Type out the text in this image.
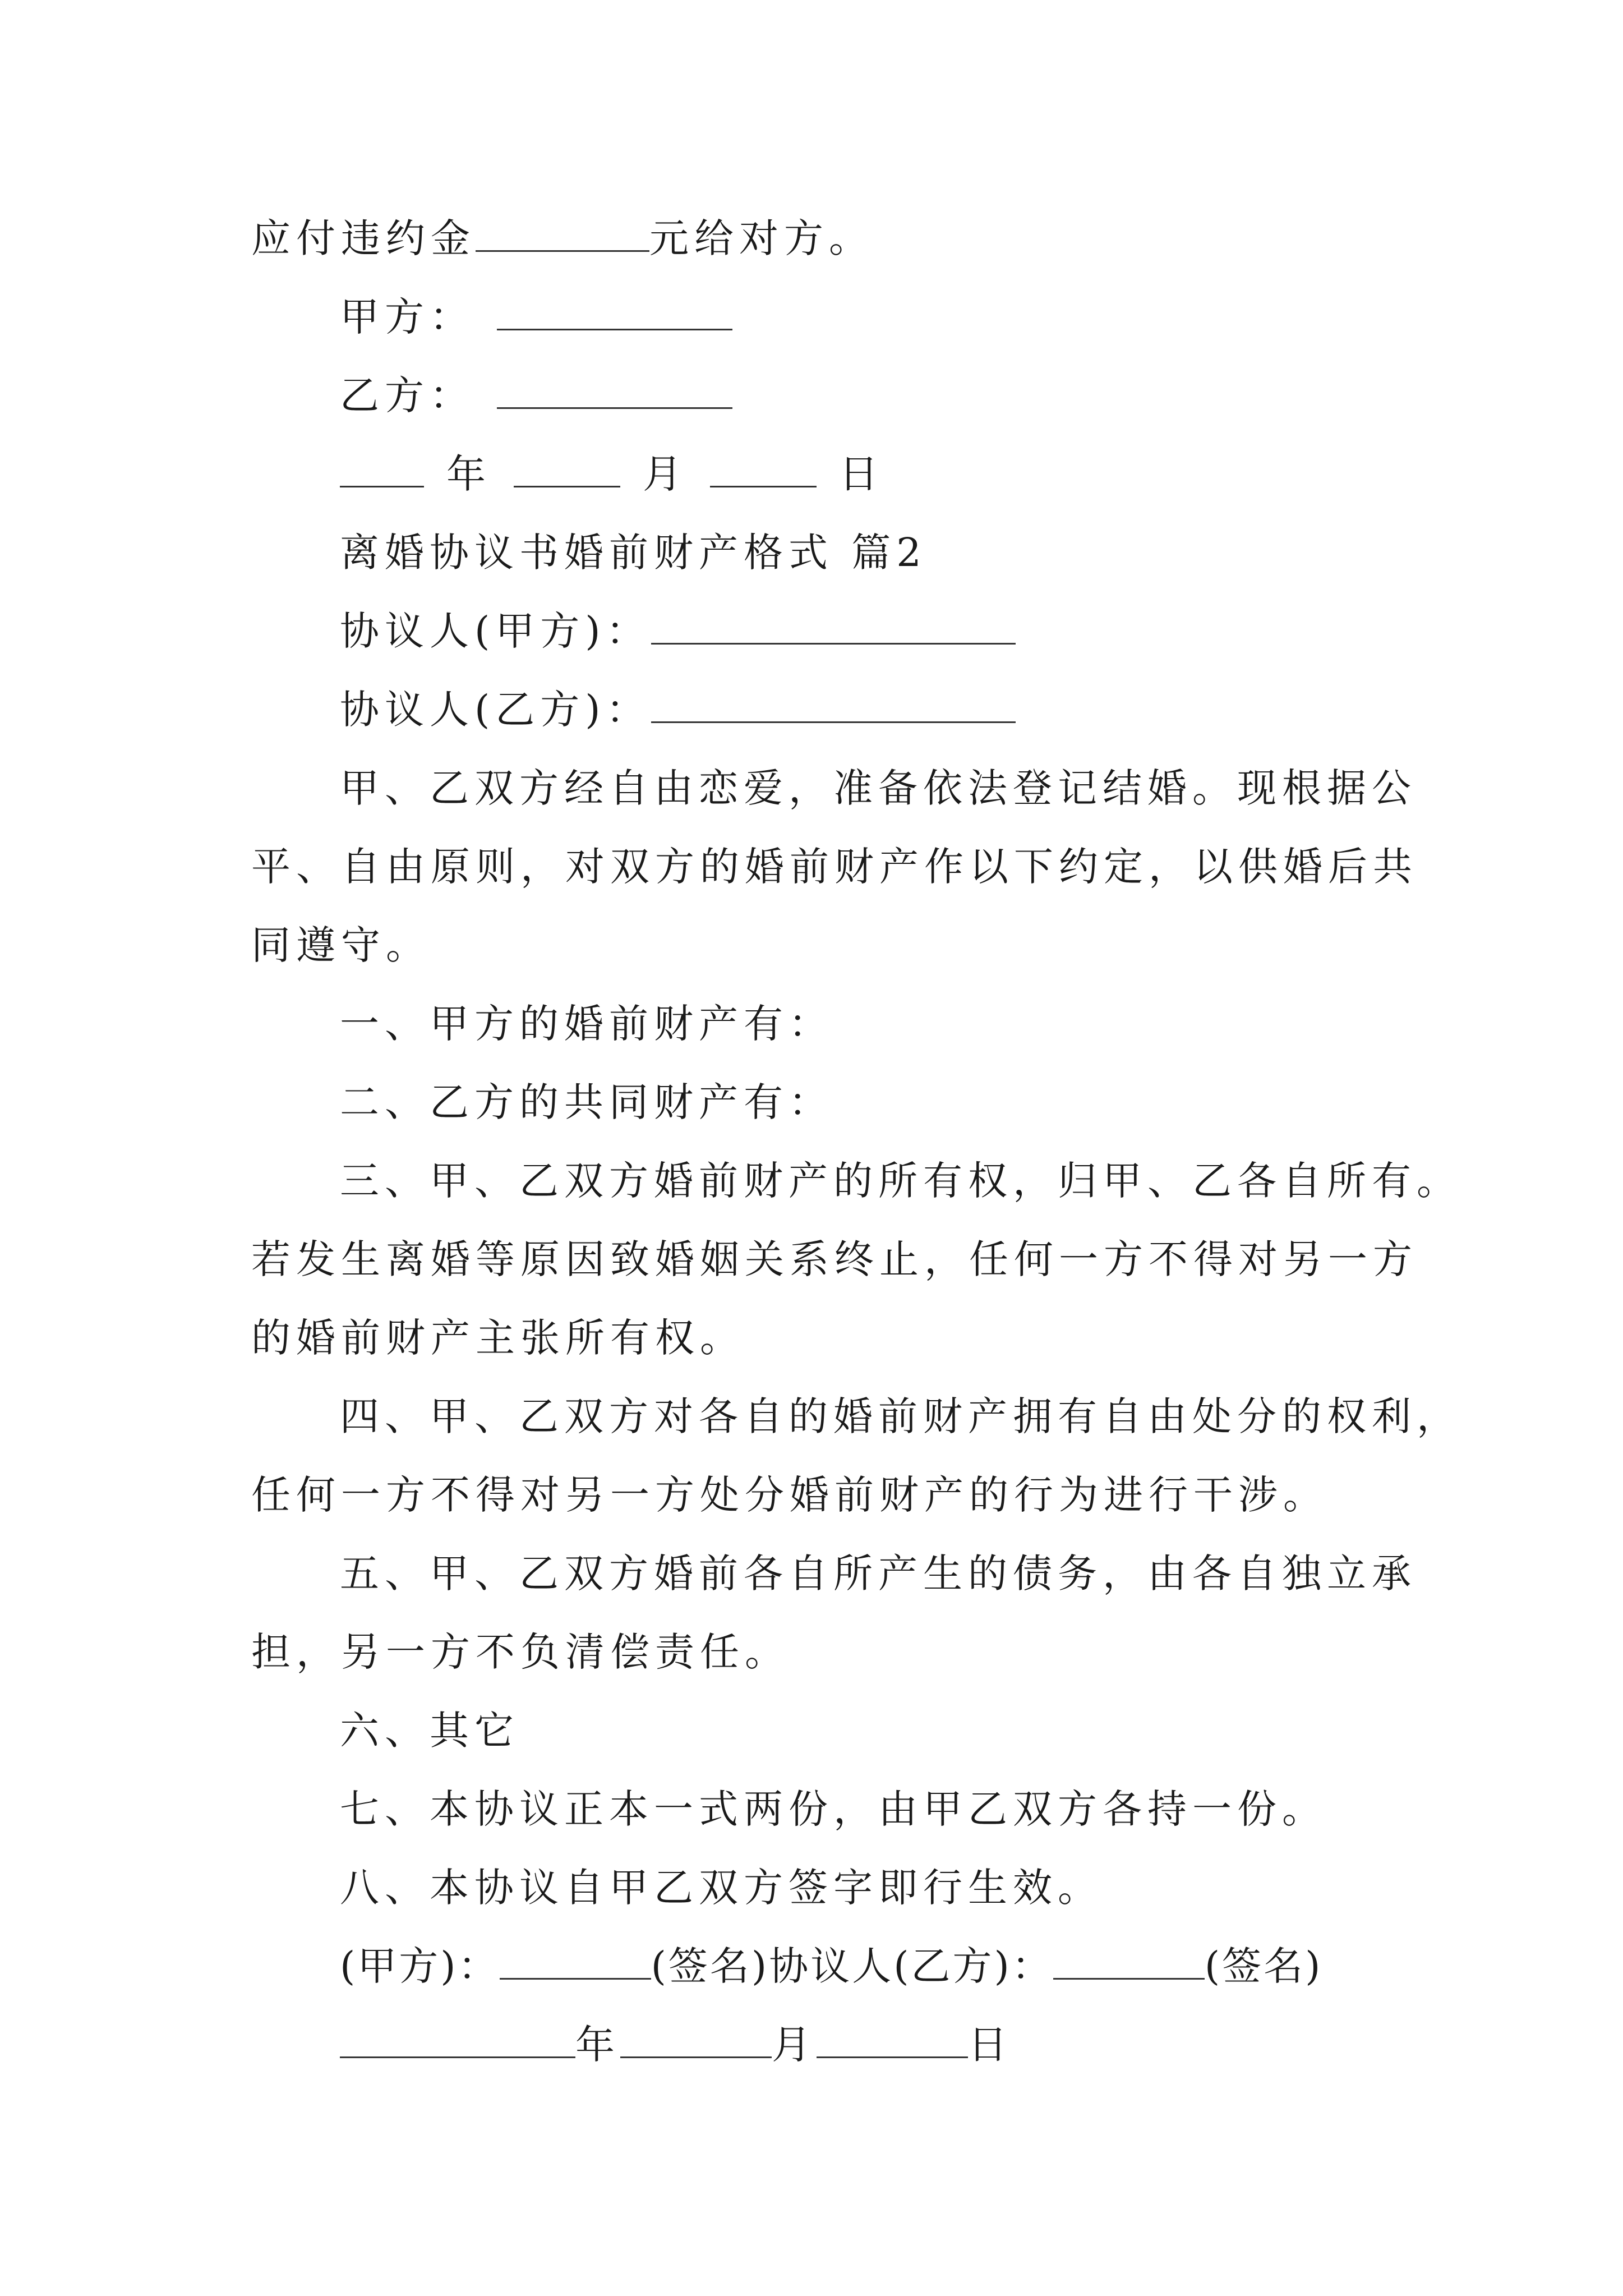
应付违约金	元给对方。
甲方：
乙方：
年	月	日
离婚协议书婚前财产格式 篇2
协议人(甲方)：
协议人(乙方)：
甲、乙双方经自由恋爱，准备依法登记结婚。现根据公
平、自由原则，对双方的婚前财产作以下约定，以供婚后共
同遵守。
一、甲方的婚前财产有：
二、乙方的共同财产有：
三、甲、乙双方婚前财产的所有权，归甲、乙各自所有。
若发生离婚等原因致婚姻关系终止，任何一方不得对另一方
的婚前财产主张所有权。
四、甲、乙双方对各自的婚前财产拥有自由处分的权利，
任何一方不得对另一方处分婚前财产的行为进行干涉。
五、甲、乙双方婚前各自所产生的债务，由各自独立承
担，另一方不负清偿责任。
六、其它
七、本协议正本一式两份，由甲乙双方各持一份。
八、本协议自甲乙双方签字即行生效。
(甲方)：	(签名)协议人(乙方)：	(签名)
年	月	日
